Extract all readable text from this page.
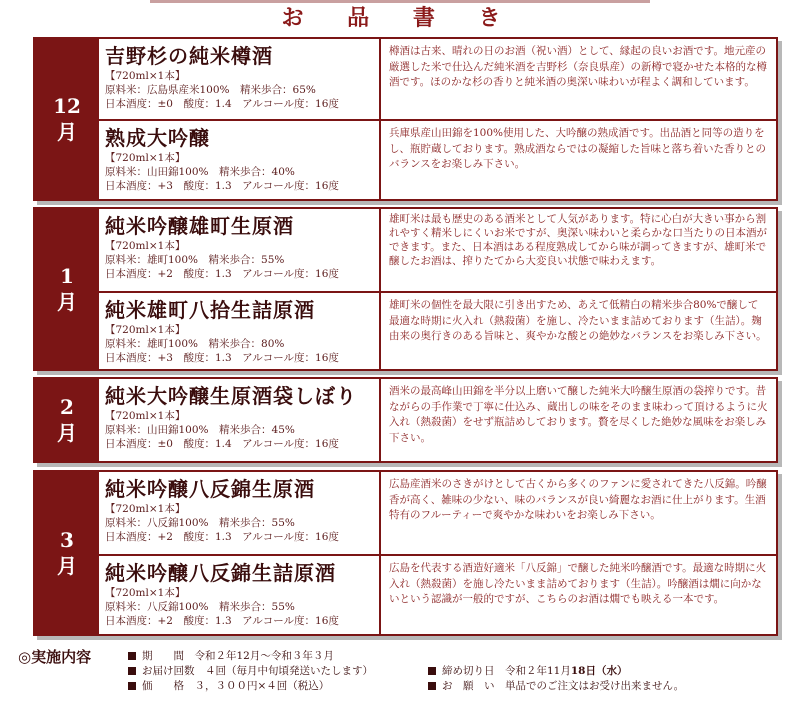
お 品 書 き
12
月
吉野杉の純米樽酒
【720ml×1本】
原料米：広島県産米100%　精米歩合：65%
日本酒度：±0　酸度：1.4　アルコール度：16度
樽酒は古来、晴れの日のお酒（祝い酒）として、縁起の良いお酒です。地元産の厳選した米で仕込んだ純米酒を吉野杉（奈良県産）の新樽で寝かせた本格的な樽酒です。ほのかな杉の香りと純米酒の奥深い味わいが程よく調和しています。
熟成大吟醸
【720ml×1本】
原料米：山田錦100%　精米歩合：40%
日本酒度：+3　酸度：1.3　アルコール度：16度
兵庫県産山田錦を100%使用した、大吟醸の熟成酒です。出品酒と同等の造りをし、瓶貯蔵しております。熟成酒ならではの凝縮した旨味と落ち着いた香りとのバランスをお楽しみ下さい。
1
月
純米吟醸雄町生原酒
【720ml×1本】
原料米：雄町100%　精米歩合：55%
日本酒度：+2　酸度：1.3　アルコール度：16度
雄町米は最も歴史のある酒米として人気があります。特に心白が大きい事から割れやすく精米しにくいお米ですが、奥深い味わいと柔らかな口当たりの日本酒ができます。また、日本酒はある程度熟成してから味が調ってきますが、雄町米で醸したお酒は、搾りたてから大変良い状態で味わえます。
純米雄町八拾生詰原酒
【720ml×1本】
原料米：雄町100%　精米歩合：80%
日本酒度：+3　酸度：1.3　アルコール度：16度
雄町米の個性を最大限に引き出すため、あえて低精白の精米歩合80%で醸して最適な時期に火入れ（熱殺菌）を施し、冷たいまま詰めております（生詰）。麹由来の奥行きのある旨味と、爽やかな酸との絶妙なバランスをお楽しみ下さい。
2
月
純米大吟醸生原酒袋しぼり
【720ml×1本】
原料米：山田錦100%　精米歩合：45%
日本酒度：±0　酸度：1.4　アルコール度：16度
酒米の最高峰山田錦を半分以上磨いて醸した純米大吟醸生原酒の袋搾りです。昔ながらの手作業で丁寧に仕込み、蔵出しの味をそのまま味わって頂けるように火入れ（熱殺菌）をせず瓶詰めしております。贅を尽くした絶妙な風味をお楽しみ下さい。
3
月
純米吟醸八反錦生原酒
【720ml×1本】
原料米：八反錦100%　精米歩合：55%
日本酒度：+2　酸度：1.3　アルコール度：16度
広島産酒米のさきがけとして古くから多くのファンに愛されてきた八反錦。吟醸香が高く、雑味の少ない、味のバランスが良い綺麗なお酒に仕上がります。生酒特有のフルーティーで爽やかな味わいをお楽しみ下さい。
純米吟醸八反錦生詰原酒
【720ml×1本】
原料米：八反錦100%　精米歩合：55%
日本酒度：+2　酸度：1.3　アルコール度：16度
広島を代表する酒造好適米「八反錦」で醸した純米吟醸酒です。最適な時期に火入れ（熱殺菌）を施し冷たいまま詰めております（生詰）。吟醸酒は燗に向かないという認識が一般的ですが、こちらのお酒は燗でも映える一本です。
◎実施内容	期　　間　 令和２年12月〜令和３年３月
お届け回数　 ４回（毎月中旬頃発送いたします）
価　　格　 ３，３００円×４回（税込）
締め切り日　 令和２年11月18日（水）
お　願　い　 単品でのご注文はお受け出来ません。
